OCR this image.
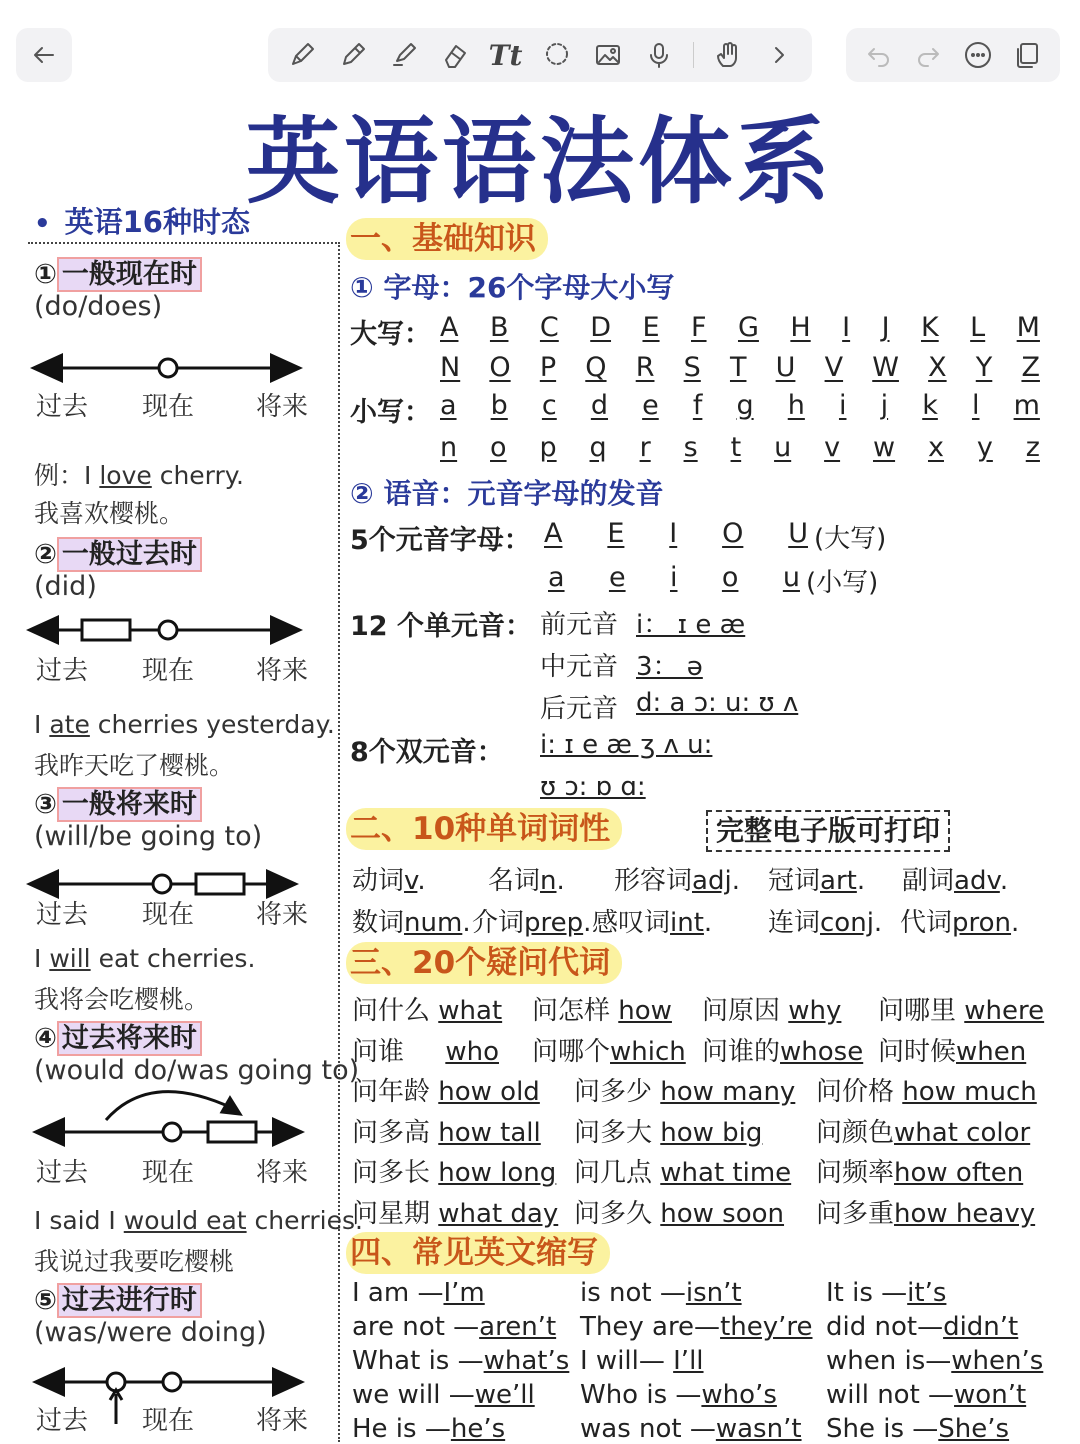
Tt
英语语法体系
• 英语16种时态
① 一般现在时
(do/does)
过去 现在 将来
例：I love cherry.
我喜欢樱桃。
② 一般过去时
(did)
过去 现在 将来
I ate cherries yesterday.
我昨天吃了樱桃。
③ 一般将来时
(will/be going to)
过去 现在 将来
I will eat cherries.
我将会吃樱桃。
④ 过去将来时
(would do/was going to)
过去 现在 将来
I said I would eat cherries.
我说过我要吃樱桃
⑤ 过去进行时
(was/were doing)
过去 现在 将来
一、基础知识
① 字母：26个字母大小写
大写： A B C D E F G H I J K L M
N O P Q R S T U V W X Y Z
小写： a b c d e f g h i j k l m
n o p q r s t u v w x y z
② 语音：元音字母的发音
5个元音字母： A E I O U (大写)
a e i o u (小写)
12 个单元音： 前元音 i： ɪ e æ
中元音 3： ə
后元音 d: a ɔ: u: ʊ ʌ
8个双元音： i: ɪ e æ ʒ ʌ u:
ʊ ɔ: ɒ ɑ:
二、10种单词词性	完整电子版可打印
动词v. 名词n. 形容词adj. 冠词art. 副词adv.
数词num. 介词prep. 感叹词int. 连词conj. 代词pron.
三、20个疑问代词
问什么 what 问怎样 how 问原因 why 问哪里 where
问谁     who 问哪个which 问谁的whose 问时候when
问年龄 how old 问多少 how many 问价格 how much
问多高 how tall 问多大 how big 问颜色what color
问多长 how long 问几点 what time 问频率how often
问星期 what day 问多久 how soon 问多重how heavy
四、常见英文缩写
I am —I’m	is not —isn’t	It is —it’s
are not —aren’t They are—they’re did not—didn’t
What is —what’s I will— I’ll	when is—when’s
we will —we’ll Who is —who’s will not —won’t
He is —he’s	was not —wasn’t She is —She’s
